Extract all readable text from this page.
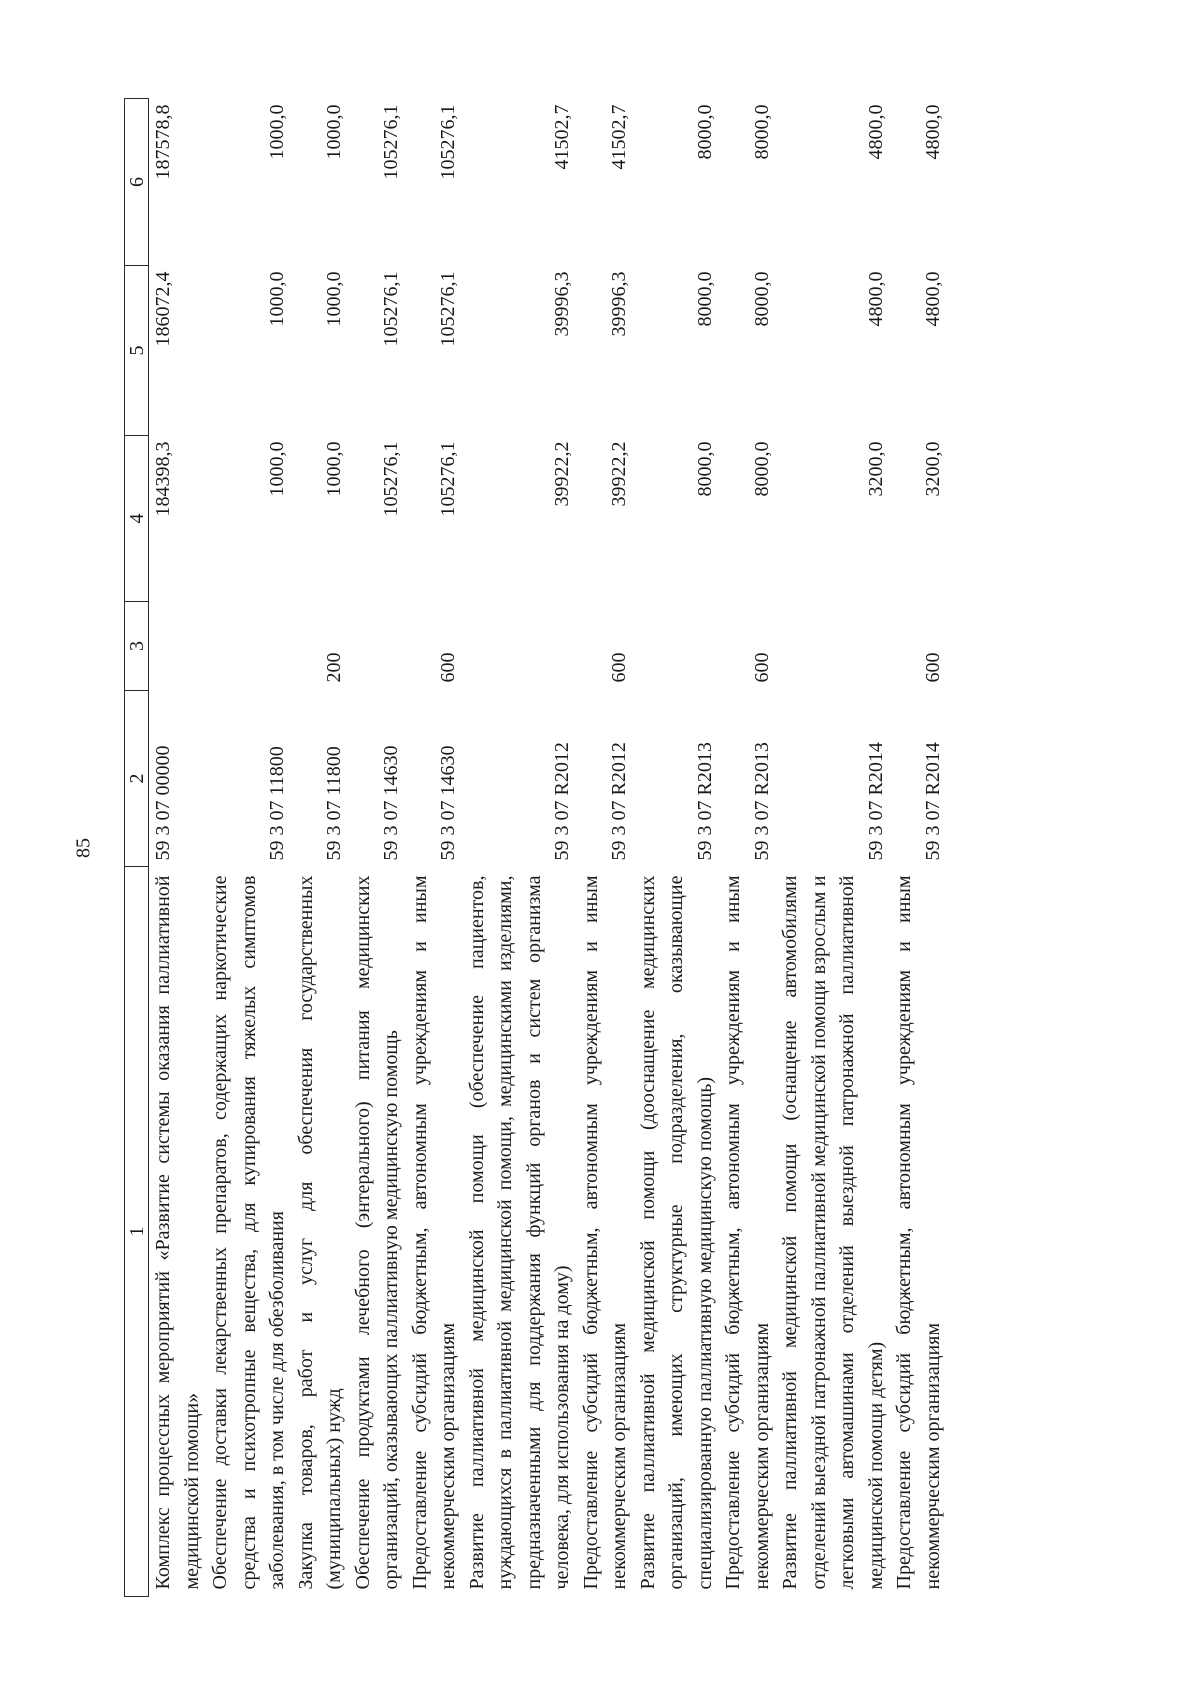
85
1	2	3	4	5	6
Комплекс процессных мероприятий «Развитие системы оказания паллиативной медицинской помощи»	59 3 07 00000		184398,3	186072,4	187578,8
Обеспечение доставки лекарственных препаратов, содержащих наркотические средства и психотропные вещества, для купирования тяжелых симптомов заболевания, в том числе для обезболивания	59 3 07 11800		1000,0	1000,0	1000,0
Закупка товаров, работ и услуг для обеспечения государственных (муниципальных) нужд	59 3 07 11800	200	1000,0	1000,0	1000,0
Обеспечение продуктами лечебного (энтерального) питания медицинских организаций, оказывающих паллиативную медицинскую помощь	59 3 07 14630		105276,1	105276,1	105276,1
Предоставление субсидий бюджетным, автономным учреждениям и иным некоммерческим организациям	59 3 07 14630	600	105276,1	105276,1	105276,1
Развитие паллиативной медицинской помощи (обеспечение пациентов, нуждающихся в паллиативной медицинской помощи, медицинскими изделиями, предназначенными для поддержания функций органов и систем организма человека, для использования на дому)	59 3 07 R2012		39922,2	39996,3	41502,7
Предоставление субсидий бюджетным, автономным учреждениям и иным некоммерческим организациям	59 3 07 R2012	600	39922,2	39996,3	41502,7
Развитие паллиативной медицинской помощи (дооснащение медицинских организаций, имеющих структурные подразделения, оказывающие специализированную паллиативную медицинскую помощь)	59 3 07 R2013		8000,0	8000,0	8000,0
Предоставление субсидий бюджетным, автономным учреждениям и иным некоммерческим организациям	59 3 07 R2013	600	8000,0	8000,0	8000,0
Развитие паллиативной медицинской помощи (оснащение автомобилями отделений выездной патронажной паллиативной медицинской помощи взрослым и легковыми автомашинами отделений выездной патронажной паллиативной медицинской помощи детям)	59 3 07 R2014		3200,0	4800,0	4800,0
Предоставление субсидий бюджетным, автономным учреждениям и иным некоммерческим организациям	59 3 07 R2014	600	3200,0	4800,0	4800,0
